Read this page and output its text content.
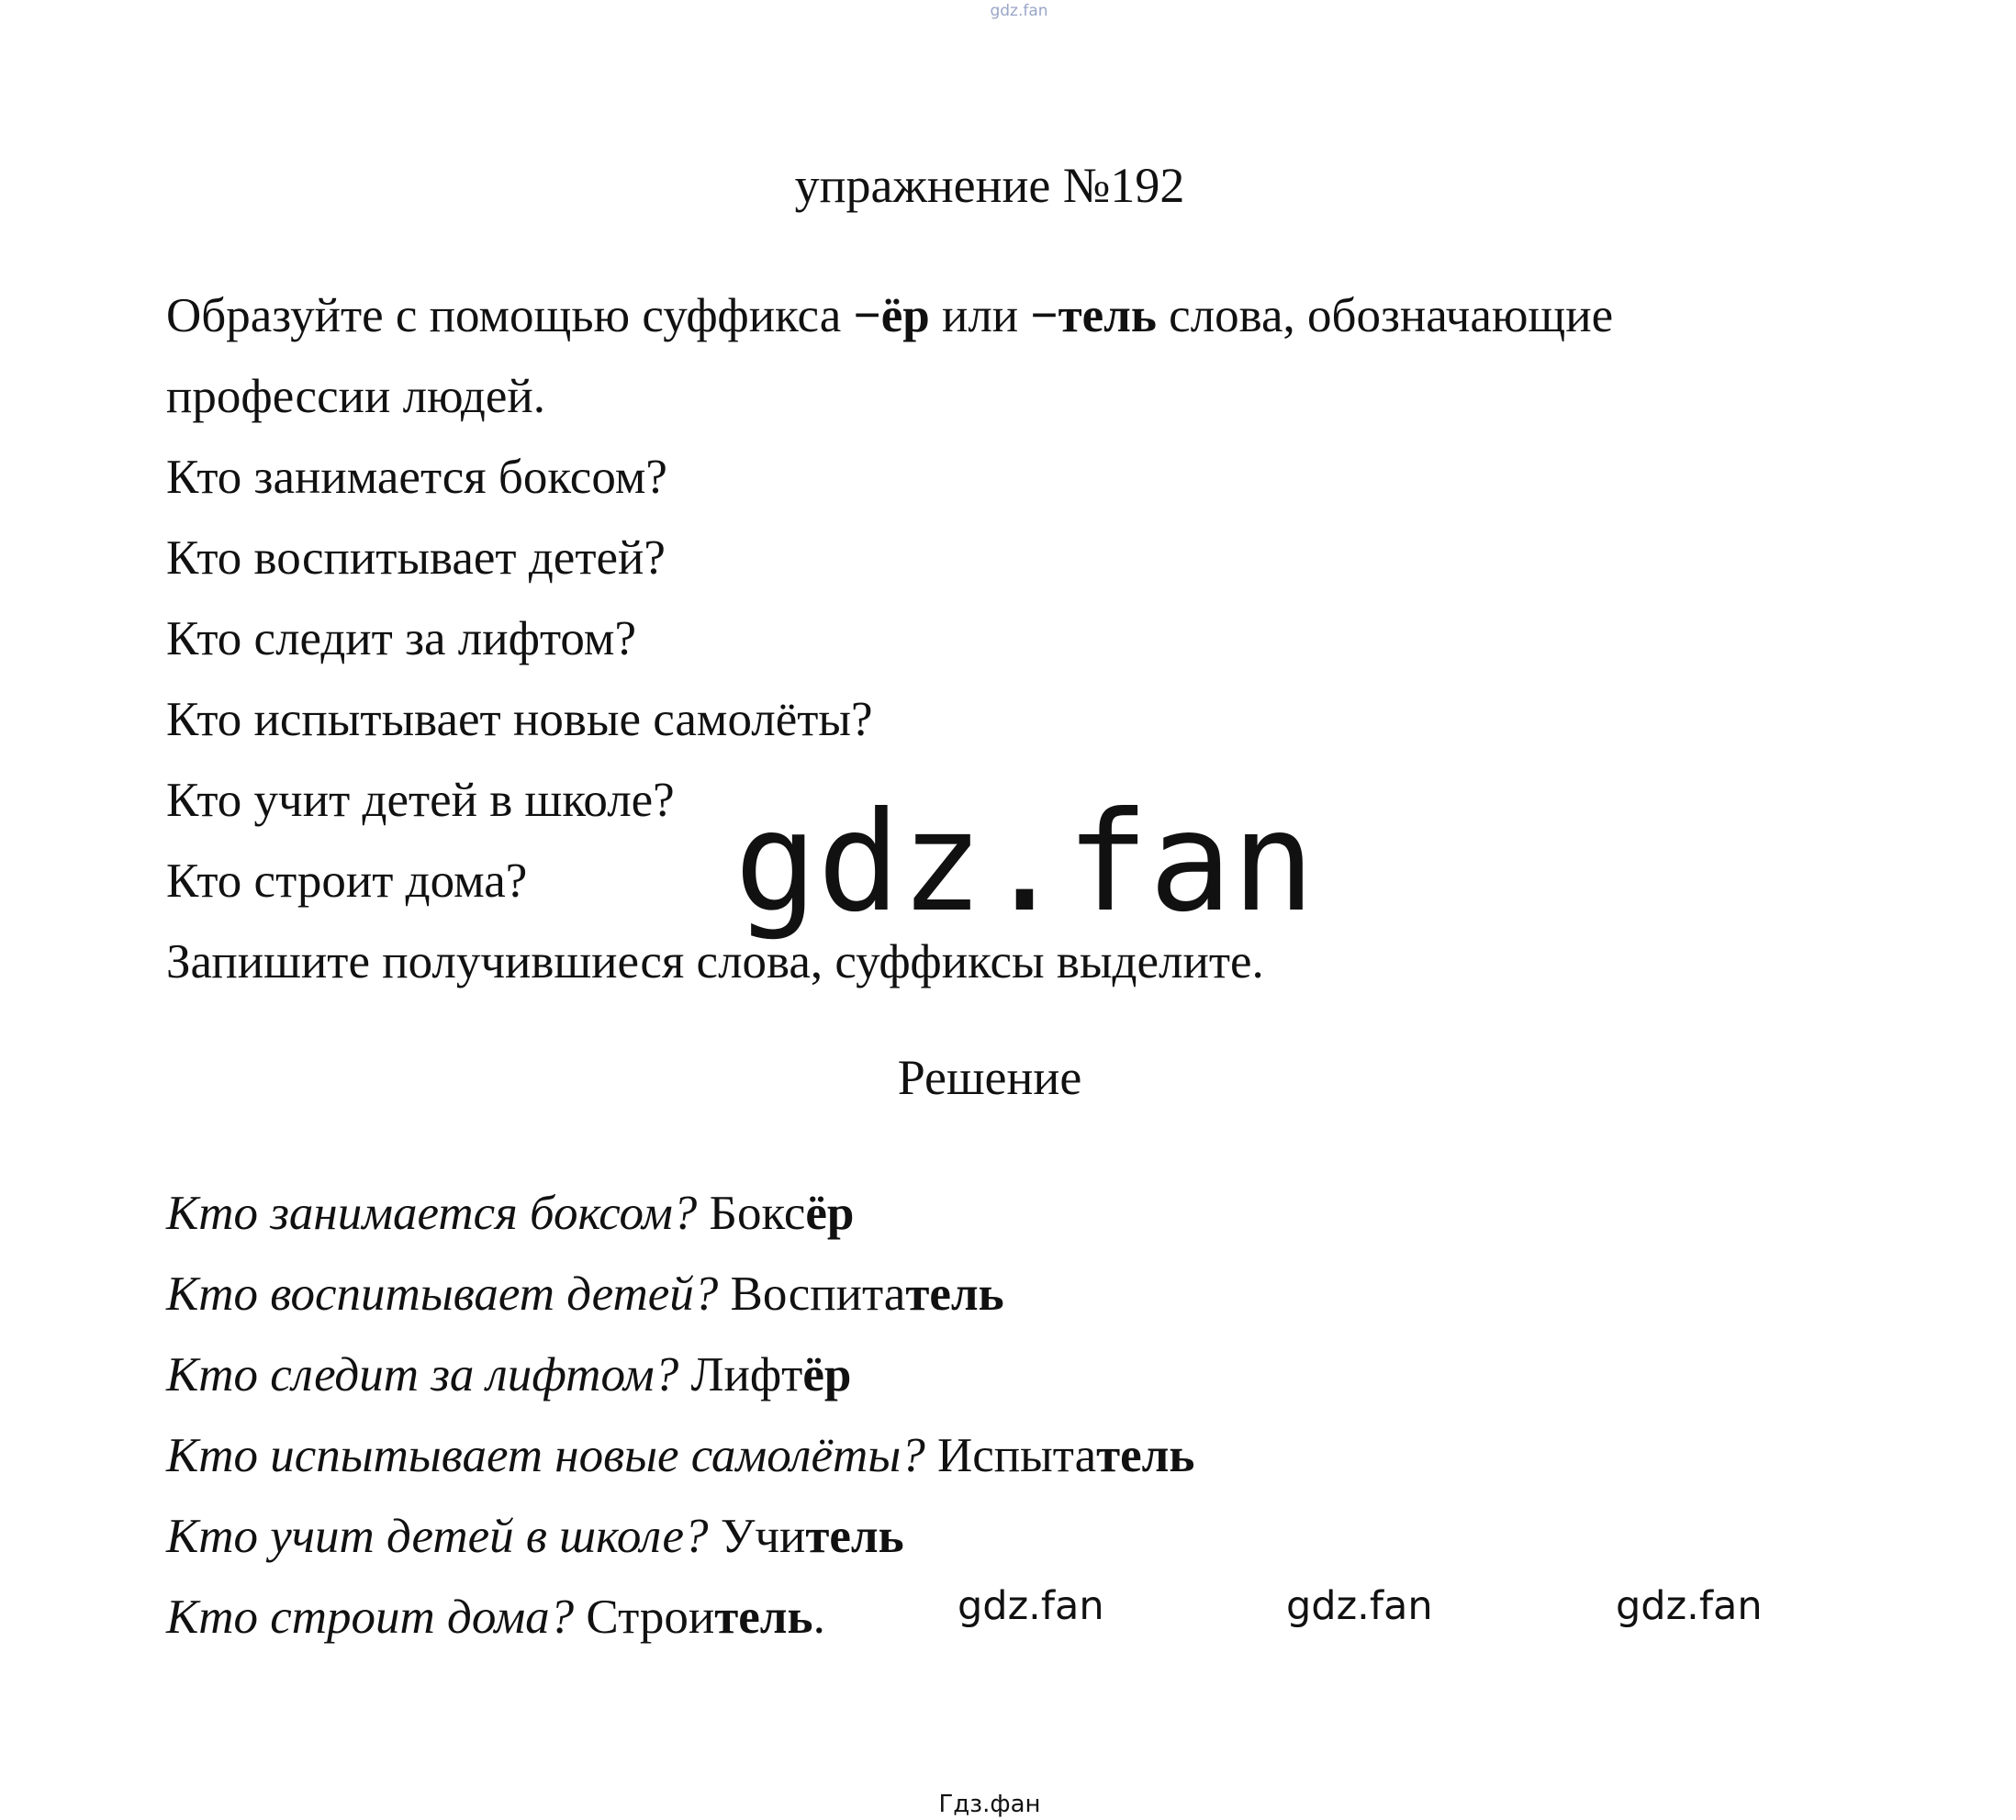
gdz.fan
упражнение №192
Образуйте с помощью суффикса −ёр или −тель слова, обозначающие
профессии людей.
Кто занимается боксом?
Кто воспитывает детей?
Кто следит за лифтом?
Кто испытывает новые самолёты?
Кто учит детей в школе?
Кто строит дома?
Запишите получившиеся слова, суффиксы выделите.
gdz.fan
Решение
Кто занимается боксом? Боксёр
Кто воспитывает детей? Воспитатель
Кто следит за лифтом? Лифтёр
Кто испытывает новые самолёты? Испытатель
Кто учит детей в школе? Учитель
Кто строит дома? Строитель.	gdz.fan	gdz.fan	gdz.fan
Гдз.фан
